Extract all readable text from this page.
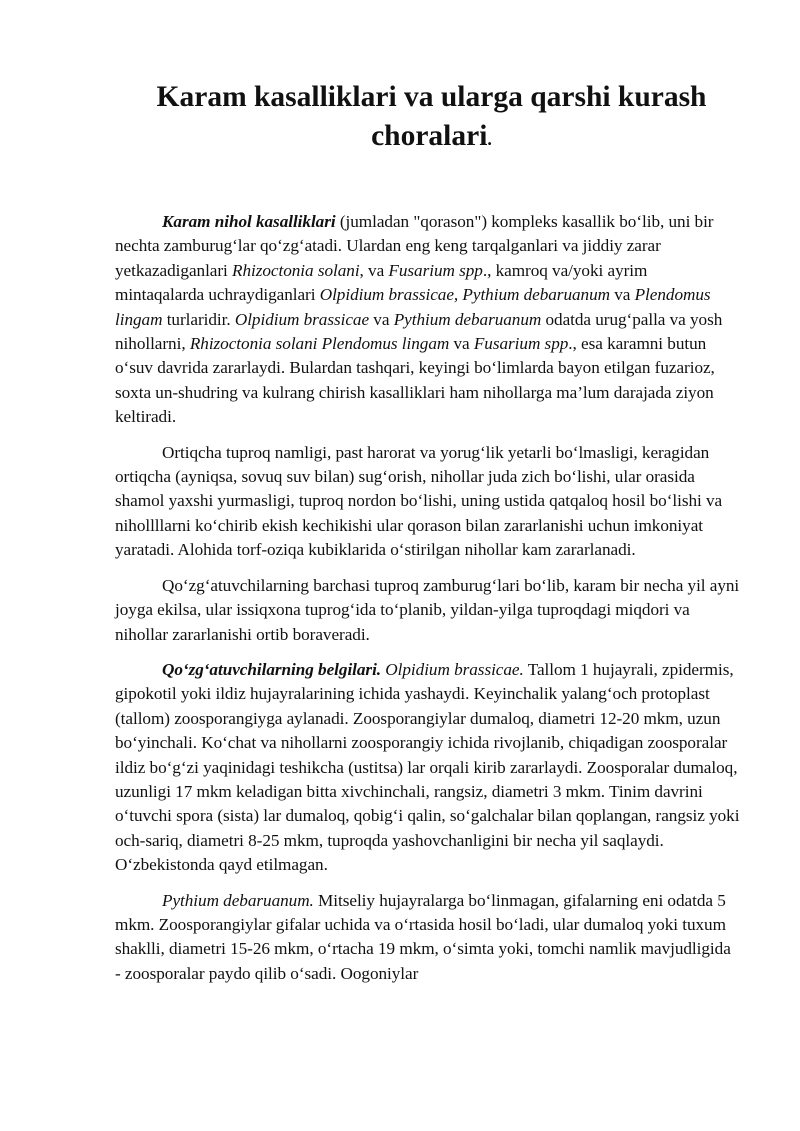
Karam kasalliklari va ularga qarshi kurash choralari.

Karam nihol kasalliklari (jumladan "qorason") kompleks kasallik bo‘lib, uni bir nechta zamburug‘lar qo‘zg‘atadi. Ulardan eng keng tarqalganlari va jiddiy zarar yetkazadiganlari Rhizoctonia solani, va Fusarium spp., kamroq va/yoki ayrim mintaqalarda uchraydiganlari Olpidium brassicae, Pythium debaruanum va Plendomus lingam turlaridir. Olpidium brassicae va Pythium debaruanum odatda urug‘palla va yosh nihollarni, Rhizoctonia solani Plendomus lingam va Fusarium spp., esa karamni butun o‘suv davrida zararlaydi. Bulardan tashqari, keyingi bo‘limlarda bayon etilgan fuzarioz, soxta un-shudring va kulrang chirish kasalliklari ham nihollarga ma’lum darajada ziyon keltiradi.

Ortiqcha tuproq namligi, past harorat va yorug‘lik yetarli bo‘lmasligi, keragidan ortiqcha (ayniqsa, sovuq suv bilan) sug‘orish, nihollar juda zich bo‘lishi, ular orasida shamol yaxshi yurmasligi, tuproq nordon bo‘lishi, uning ustida qatqaloq hosil bo‘lishi va nihollllarni ko‘chirib ekish kechikishi ular qorason bilan zararlanishi uchun imkoniyat yaratadi. Alohida torf-oziqa kubiklarida o‘stirilgan nihollar kam zararlanadi.

Qo‘zg‘atuvchilarning barchasi tuproq zamburug‘lari bo‘lib, karam bir necha yil ayni joyga ekilsa, ular issiqxona tuprog‘ida to‘planib, yildan-yilga tuproqdagi miqdori va nihollar zararlanishi ortib boraveradi.

Qo‘zg‘atuvchilarning belgilari. Olpidium brassicae. Tallom 1 hujayrali, zpidermis, gipokotil yoki ildiz hujayralarining ichida yashaydi. Keyinchalik yalang‘och protoplast (tallom) zoosporangiyga aylanadi. Zoosporangiylar dumaloq, diametri 12-20 mkm, uzun bo‘yinchali. Ko‘chat va nihollarni zoosporangiy ichida rivojlanib, chiqadigan zoosporalar ildiz bo‘g‘zi yaqinidagi teshikcha (ustitsa) lar orqali kirib zararlaydi. Zoosporalar dumaloq, uzunligi 17 mkm keladigan bitta xivchinchali, rangsiz, diametri 3 mkm. Tinim davrini o‘tuvchi spora (sista) lar dumaloq, qobig‘i qalin, so‘galchalar bilan qoplangan, rangsiz yoki och-sariq, diametri 8-25 mkm, tuproqda yashovchanligini bir necha yil saqlaydi. O‘zbekistonda qayd etilmagan.

Pythium debaruanum. Mitseliy hujayralarga bo‘linmagan, gifalarning eni odatda 5 mkm. Zoosporangiylar gifalar uchida va o‘rtasida hosil bo‘ladi, ular dumaloq yoki tuxum shaklli, diametri 15-26 mkm, o‘rtacha 19 mkm, o‘simta yoki, tomchi namlik mavjudligida - zoosporalar paydo qilib o‘sadi. Oogoniylar
